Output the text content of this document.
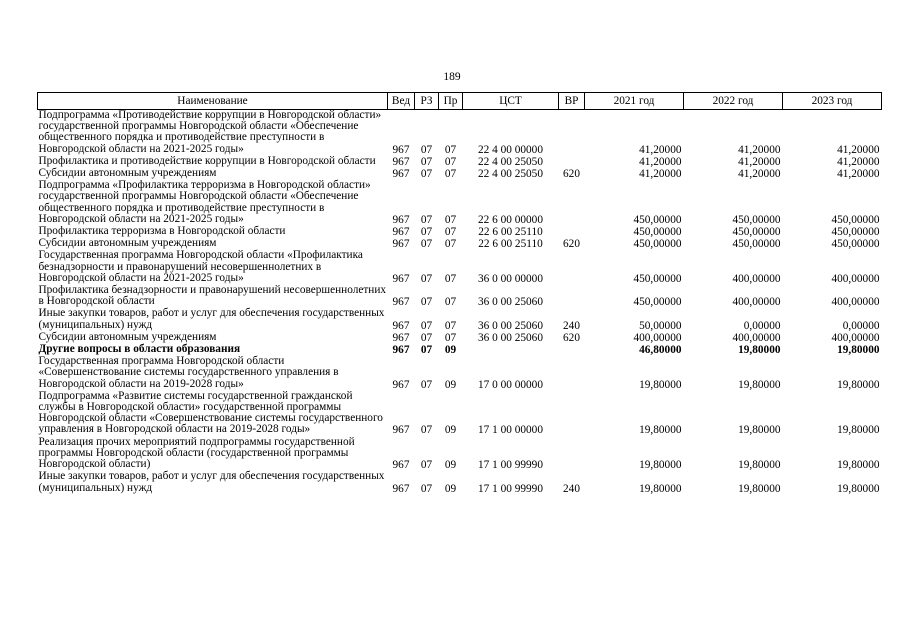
189
Наименование	Вед	РЗ	Пр	ЦСТ	ВР	2021 год	2022 год	2023 год
Подпрограмма «Противодействие коррупции в Новгородской области» государственной программы Новгородской области «Обеспечение общественного порядка и противодействие преступности в Новгородской области на 2021-2025 годы»	967	07	07	22 4 00 00000		41,20000	41,20000	41,20000
Профилактика и противодействие коррупции в Новгородской области	967	07	07	22 4 00 25050		41,20000	41,20000	41,20000
Субсидии автономным учреждениям	967	07	07	22 4 00 25050	620	41,20000	41,20000	41,20000
Подпрограмма «Профилактика терроризма в Новгородской области» государственной программы Новгородской области «Обеспечение общественного порядка и противодействие преступности в Новгородской области на 2021-2025 годы»	967	07	07	22 6 00 00000		450,00000	450,00000	450,00000
Профилактика терроризма в Новгородской области	967	07	07	22 6 00 25110		450,00000	450,00000	450,00000
Субсидии автономным учреждениям	967	07	07	22 6 00 25110	620	450,00000	450,00000	450,00000
Государственная программа Новгородской области «Профилактика безнадзорности и правонарушений несовершеннолетних в Новгородской области на 2021-2025 годы»	967	07	07	36 0 00 00000		450,00000	400,00000	400,00000
Профилактика безнадзорности и правонарушений несовершеннолетних в Новгородской области	967	07	07	36 0 00 25060		450,00000	400,00000	400,00000
Иные закупки товаров, работ и услуг для обеспечения государственных (муниципальных) нужд	967	07	07	36 0 00 25060	240	50,00000	0,00000	0,00000
Субсидии автономным учреждениям	967	07	07	36 0 00 25060	620	400,00000	400,00000	400,00000
Другие вопросы в области образования	967	07	09			46,80000	19,80000	19,80000
Государственная программа Новгородской области «Совершенствование системы государственного управления в Новгородской области на 2019-2028 годы»	967	07	09	17 0 00 00000		19,80000	19,80000	19,80000
Подпрограмма «Развитие системы государственной гражданской службы в Новгородской области» государственной программы Новгородской области «Совершенствование системы государственного управления в Новгородской области на 2019-2028 годы»	967	07	09	17 1 00 00000		19,80000	19,80000	19,80000
Реализация прочих мероприятий подпрограммы государственной программы Новгородской области (государственной программы Новгородской области)	967	07	09	17 1 00 99990		19,80000	19,80000	19,80000
Иные закупки товаров, работ и услуг для обеспечения государственных (муниципальных) нужд	967	07	09	17 1 00 99990	240	19,80000	19,80000	19,80000
